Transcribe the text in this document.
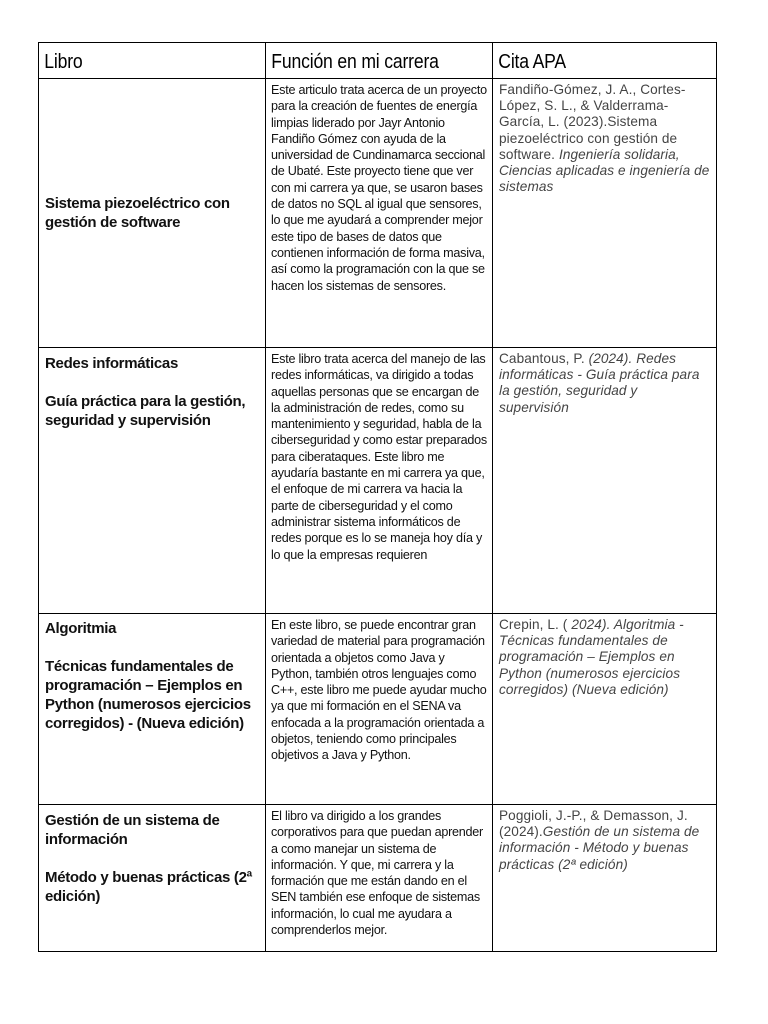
Libro	Función en mi carrera	Cita APA

Sistema piezoeléctrico con gestión de software	Este articulo trata acerca de un proyecto para la creación de fuentes de energía limpias liderado por Jayr Antonio Fandiño Gómez con ayuda de la universidad de Cundinamarca seccional de Ubaté. Este proyecto tiene que ver con mi carrera ya que, se usaron bases de datos no SQL al igual que sensores, lo que me ayudará a comprender mejor este tipo de bases de datos que contienen información de forma masiva, así como la programación con la que se hacen los sistemas de sensores.	Fandiño-Gómez, J. A., Cortes-López, S. L., & Valderrama-García, L. (2023).Sistema piezoeléctrico con gestión de software. Ingeniería solidaria, Ciencias aplicadas e ingeniería de sistemas

Redes informáticas
Guía práctica para la gestión, seguridad y supervisión	Este libro trata acerca del manejo de las redes informáticas, va dirigido a todas aquellas personas que se encargan de la administración de redes, como su mantenimiento y seguridad, habla de la ciberseguridad y como estar preparados para ciberataques. Este libro me ayudaría bastante en mi carrera ya que, el enfoque de mi carrera va hacia la parte de ciberseguridad y el como administrar sistema informáticos de redes porque es lo se maneja hoy día y lo que la empresas requieren	Cabantous, P. (2024). Redes informáticas - Guía práctica para la gestión, seguridad y supervisión

Algoritmia
Técnicas fundamentales de programación – Ejemplos en Python (numerosos ejercicios corregidos) - (Nueva edición)	En este libro, se puede encontrar gran variedad de material para programación orientada a objetos como Java y Python, también otros lenguajes como C++, este libro me puede ayudar mucho ya que mi formación en el SENA va enfocada a la programación orientada a objetos, teniendo como principales objetivos a Java y Python.	Crepin, L. ( 2024). Algoritmia - Técnicas fundamentales de programación – Ejemplos en Python (numerosos ejercicios corregidos) (Nueva edición)

Gestión de un sistema de información
Método y buenas prácticas (2ª edición)	El libro va dirigido a los grandes corporativos para que puedan aprender a como manejar un sistema de información. Y que, mi carrera y la formación que me están dando en el SEN también ese enfoque de sistemas información, lo cual me ayudara a comprenderlos mejor.	Poggioli, J.-P., & Demasson, J. (2024).Gestión de un sistema de información - Método y buenas prácticas (2ª edición)
